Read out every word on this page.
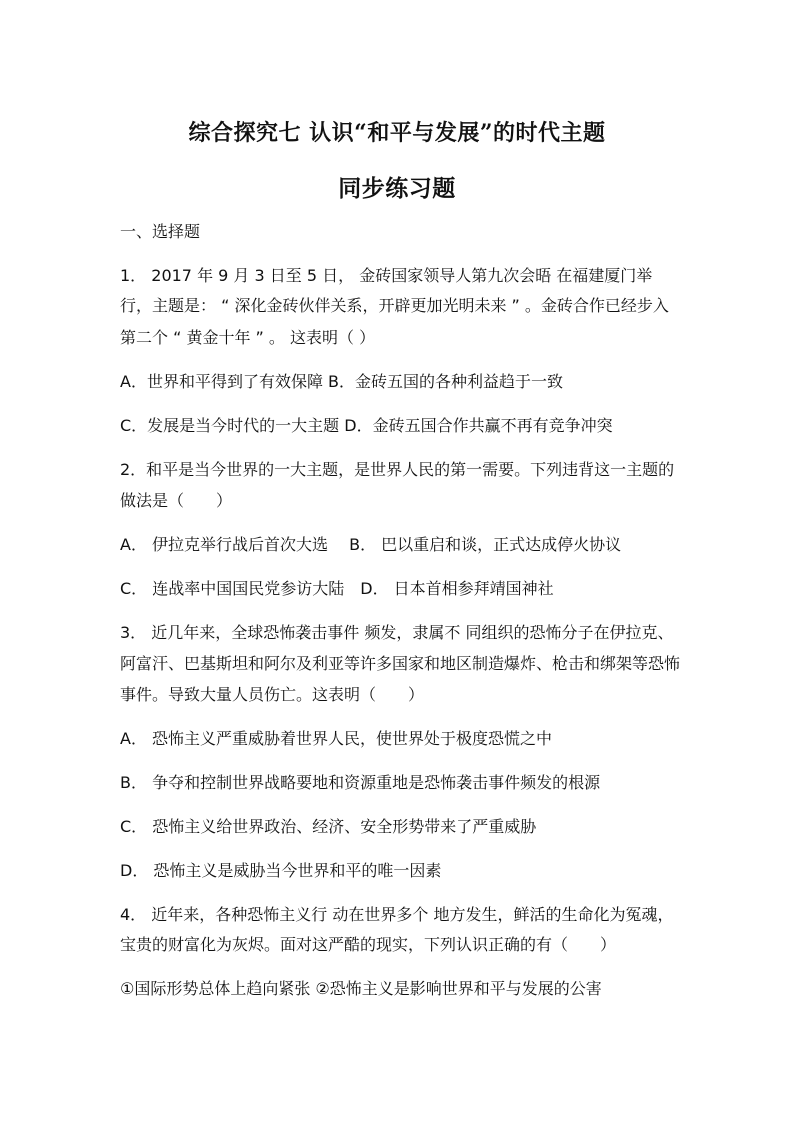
综合探究七 认识“和平与发展”的时代主题
同步练习题
一、选择题
1． 2017 年 9 月 3 日至 5 日， 金砖国家领导人第九次会晤 在福建厦门举
行，主题是： “ 深化金砖伙伴关系，开辟更加光明未来 ” 。金砖合作已经步入
第二个 “ 黄金十年 ” 。 这表明（ ）
A．世界和平得到了有效保障 B．金砖五国的各种利益趋于一致
C．发展是当今时代的一大主题 D．金砖五国合作共赢不再有竞争冲突
2．和平是当今世界的一大主题，是世界人民的第一需要。下列违背这一主题的
做法是（　　）
A． 伊拉克举行战后首次大选　 B． 巴以重启和谈，正式达成停火协议
C． 连战率中国国民党参访大陆　D． 日本首相参拜靖国神社
3． 近几年来，全球恐怖袭击事件 频发，隶属不 同组织的恐怖分子在伊拉克、
阿富汗、巴基斯坦和阿尔及利亚等许多国家和地区制造爆炸、枪击和绑架等恐怖
事件。导致大量人员伤亡。这表明（　　）
A． 恐怖主义严重威胁着世界人民，使世界处于极度恐慌之中
B． 争夺和控制世界战略要地和资源重地是恐怖袭击事件频发的根源
C． 恐怖主义给世界政治、经济、安全形势带来了严重威胁
D． 恐怖主义是威胁当今世界和平的唯一因素
4． 近年来，各种恐怖主义行 动在世界多个 地方发生，鲜活的生命化为冤魂，
宝贵的财富化为灰烬。面对这严酷的现实，下列认识正确的有（　　）
①国际形势总体上趋向紧张 ②恐怖主义是影响世界和平与发展的公害
